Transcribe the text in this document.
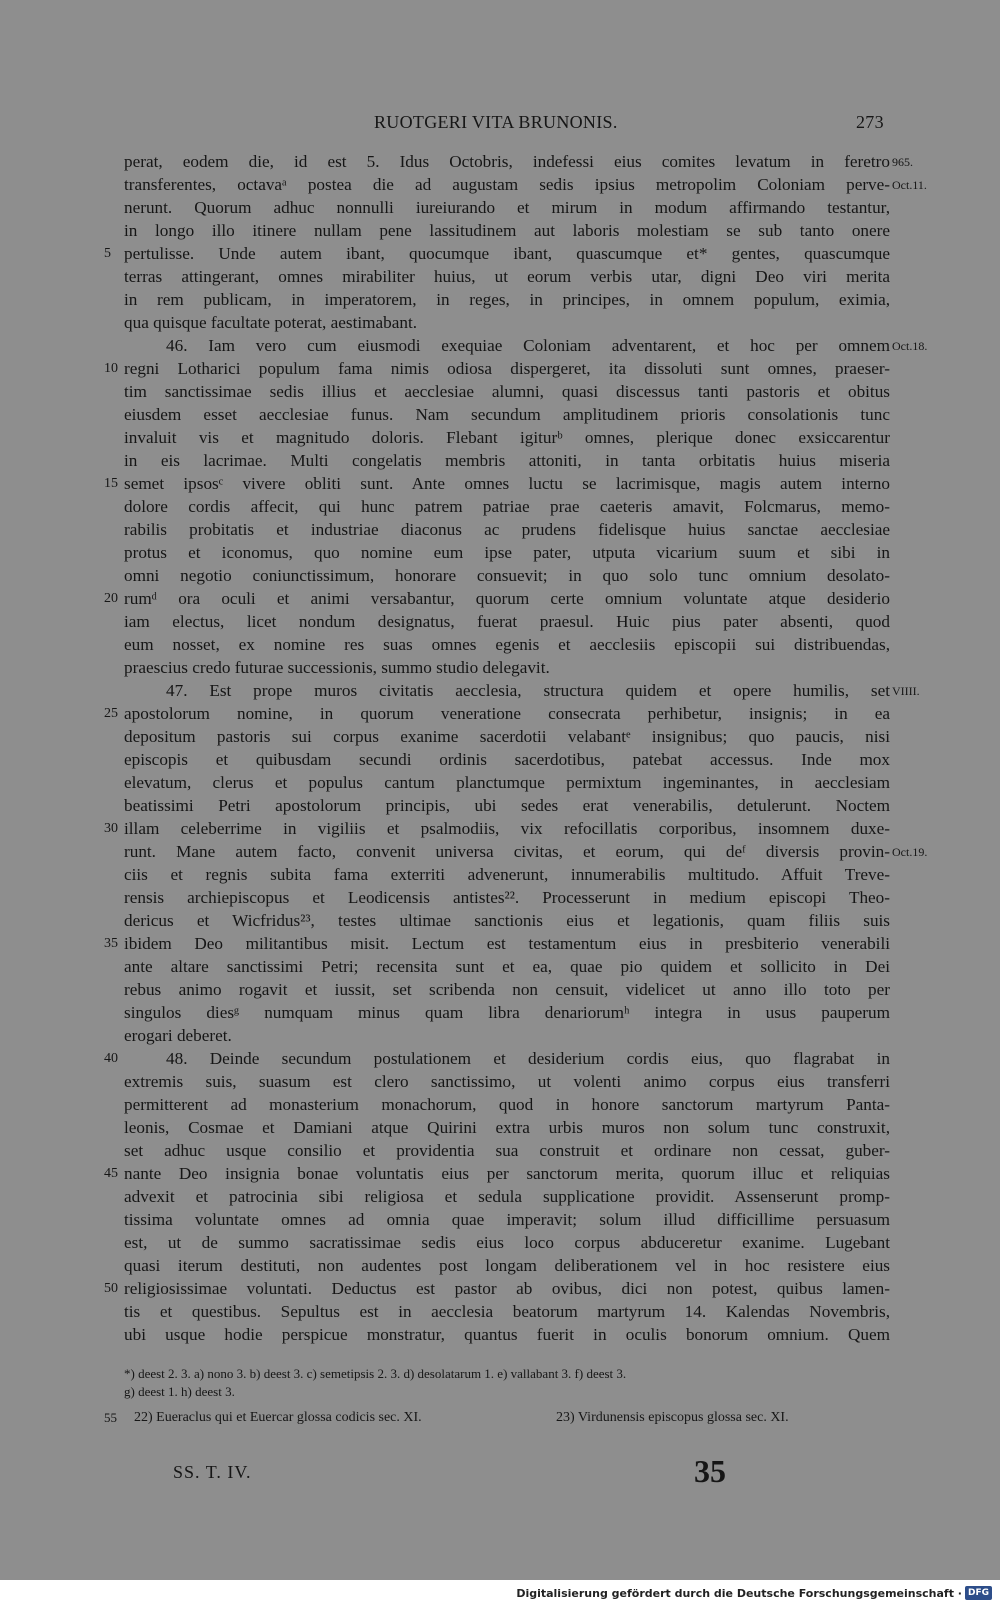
RUOTGERI VITA BRUNONIS.	273
perat, eodem die, id est 5. Idus Octobris, indefessi eius comites levatum in feretro
transferentes, octavaᵃ postea die ad augustam sedis ipsius metropolim Coloniam perve-
nerunt. Quorum adhuc nonnulli iureiurando et mirum in modum affirmando testantur,
in longo illo itinere nullam pene lassitudinem aut laboris molestiam se sub tanto onere
pertulisse. Unde autem ibant, quocumque ibant, quascumque et* gentes, quascumque
5
terras attingerant, omnes mirabiliter huius, ut eorum verbis utar, digni Deo viri merita
in rem publicam, in imperatorem, in reges, in principes, in omnem populum, eximia,
qua quisque facultate poterat, aestimabant.
46. Iam vero cum eiusmodi exequiae Coloniam adventarent, et hoc per omnem
regni Lotharici populum fama nimis odiosa dispergeret, ita dissoluti sunt omnes, praeser-
10
tim sanctissimae sedis illius et aecclesiae alumni, quasi discessus tanti pastoris et obitus
eiusdem esset aecclesiae funus. Nam secundum amplitudinem prioris consolationis tunc
invaluit vis et magnitudo doloris. Flebant igiturᵇ omnes, plerique donec exsiccarentur
in eis lacrimae. Multi congelatis membris attoniti, in tanta orbitatis huius miseria
semet ipsosᶜ vivere obliti sunt. Ante omnes luctu se lacrimisque, magis autem interno
15
dolore cordis affecit, qui hunc patrem patriae prae caeteris amavit, Folcmarus, memo-
rabilis probitatis et industriae diaconus ac prudens fidelisque huius sanctae aecclesiae
protus et iconomus, quo nomine eum ipse pater, utputa vicarium suum et sibi in
omni negotio coniunctissimum, honorare consuevit; in quo solo tunc omnium desolato-
rumᵈ ora oculi et animi versabantur, quorum certe omnium voluntate atque desiderio
20
iam electus, licet nondum designatus, fuerat praesul. Huic pius pater absenti, quod
eum nosset, ex nomine res suas omnes egenis et aecclesiis episcopii sui distribuendas,
praescius credo futurae successionis, summo studio delegavit.
47. Est prope muros civitatis aecclesia, structura quidem et opere humilis, set
apostolorum nomine, in quorum veneratione consecrata perhibetur, insignis; in ea
25
depositum pastoris sui corpus exanime sacerdotii velabantᵉ insignibus; quo paucis, nisi
episcopis et quibusdam secundi ordinis sacerdotibus, patebat accessus. Inde mox
elevatum, clerus et populus cantum planctumque permixtum ingeminantes, in aecclesiam
beatissimi Petri apostolorum principis, ubi sedes erat venerabilis, detulerunt. Noctem
illam celeberrime in vigiliis et psalmodiis, vix refocillatis corporibus, insomnem duxe-
30
runt. Mane autem facto, convenit universa civitas, et eorum, qui deᶠ diversis provin-
ciis et regnis subita fama exterriti advenerunt, innumerabilis multitudo. Affuit Treve-
rensis archiepiscopus et Leodicensis antistes²². Processerunt in medium episcopi Theo-
dericus et Wicfridus²³, testes ultimae sanctionis eius et legationis, quam filiis suis
ibidem Deo militantibus misit. Lectum est testamentum eius in presbiterio venerabili
35
ante altare sanctissimi Petri; recensita sunt et ea, quae pio quidem et sollicito in Dei
rebus animo rogavit et iussit, set scribenda non censuit, videlicet ut anno illo toto per
singulos diesᵍ numquam minus quam libra denariorumʰ integra in usus pauperum
erogari deberet.
48. Deinde secundum postulationem et desiderium cordis eius, quo flagrabat in
40
extremis suis, suasum est clero sanctissimo, ut volenti animo corpus eius transferri
permitterent ad monasterium monachorum, quod in honore sanctorum martyrum Panta-
leonis, Cosmae et Damiani atque Quirini extra urbis muros non solum tunc construxit,
set adhuc usque consilio et providentia sua construit et ordinare non cessat, guber-
nante Deo insignia bonae voluntatis eius per sanctorum merita, quorum illuc et reliquias
45
advexit et patrocinia sibi religiosa et sedula supplicatione providit. Assenserunt promp-
tissima voluntate omnes ad omnia quae imperavit; solum illud difficillime persuasum
est, ut de summo sacratissimae sedis eius loco corpus abduceretur exanime. Lugebant
quasi iterum destituti, non audentes post longam deliberationem vel in hoc resistere eius
religiosissimae voluntati. Deductus est pastor ab ovibus, dici non potest, quibus lamen-
50
tis et questibus. Sepultus est in aecclesia beatorum martyrum 14. Kalendas Novembris,
ubi usque hodie perspicue monstratur, quantus fuerit in oculis bonorum omnium. Quem
965.
Oct.11.
Oct.18.
VIIII.
Oct.19.
*) deest 2. 3. a) nono 3. b) deest 3. c) semetipsis 2. 3. d) desolatarum 1. e) vallabant 3. f) deest 3.
g) deest 1. h) deest 3.
55 22) Eueraclus qui et Euercar glossa codicis sec. XI.	23) Virdunensis episcopus glossa sec. XI.
SS. T. IV.	35
Digitalisierung gefördert durch die Deutsche Forschungsgemeinschaft · DFG
